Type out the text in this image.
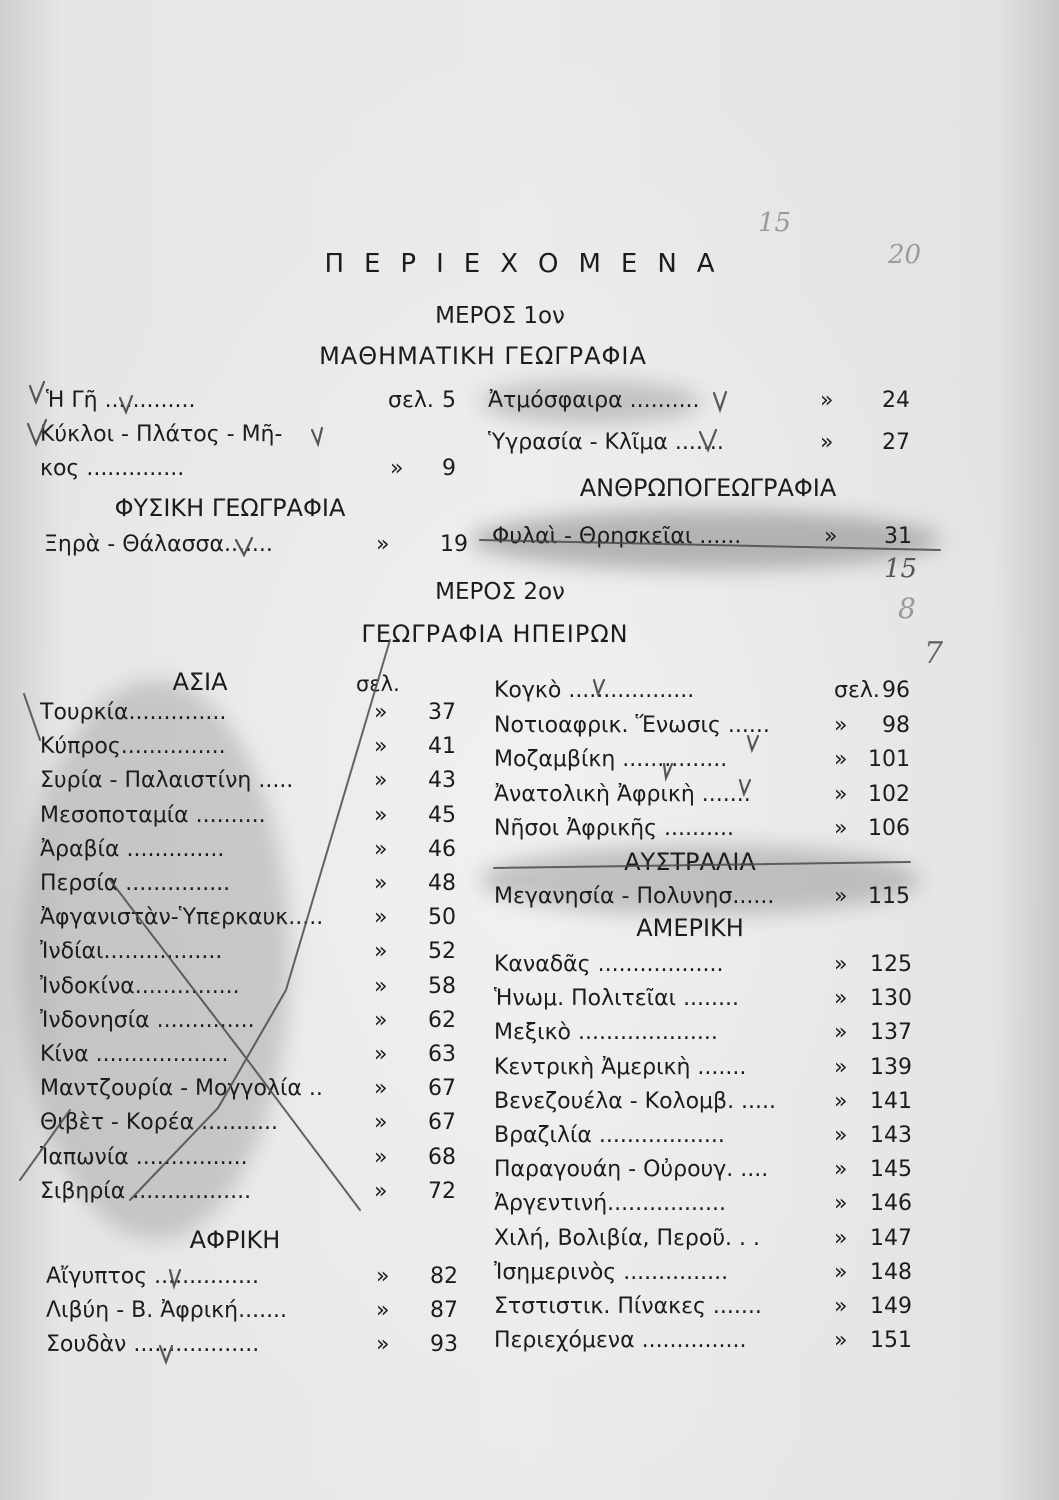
ΠΕΡΙΕΧΟΜΕΝΑ
ΜΕΡΟΣ 1ον
ΜΑΘΗΜΑΤΙΚΗ ΓΕΩΓΡΑΦΙΑ
Ἡ Γῆ .............	σελ. 5
Κύκλοι - Πλάτος - Μῆ-
κος ..............	» 9
ΦΥΣΙΚΗ ΓΕΩΓΡΑΦΙΑ
Ξηρὰ - Θάλασσα.......	» 19
Ἀτμόσφαιρα ..........	» 24
Ὑγρασία - Κλῖμα .......	» 27
ΑΝΘΡΩΠΟΓΕΩΓΡΑΦΙΑ
Φυλαὶ - Θρησκεῖαι ......	» 31
ΜΕΡΟΣ 2ον
ΓΕΩΓΡΑΦΙΑ ΗΠΕΙΡΩΝ
ΑΣΙΑ	σελ.
Τουρκία..............	» 37
Κύπρος...............	» 41
Συρία - Παλαιστίνη .....	» 43
Μεσοποταμία ..........	» 45
Ἀραβία ..............	» 46
Περσία ...............	» 48
Ἀφγανιστὰν-Ὑπερκαυκ..... » 50
Ἰνδίαι.................	» 52
Ἰνδοκίνα...............	» 58
Ἰνδονησία ..............	» 62
Κίνα ...................	» 63
Μαντζουρία - Μογγολία .. » 67
Θιβὲτ - Κορέα ...........	» 67
Ἰαπωνία ................	» 68
Σιβηρία .................	» 72
ΑΦΡΙΚΗ
Αἴγυπτος ...............	» 82
Λιβύη - Β. Ἀφρική.......	» 87
Σουδὰν ..................	» 93
Κογκὸ ..................	σελ. 96
Νοτιοαφρικ. Ἕνωσις ......	» 98
Μοζαμβίκη ...............	» 101
Ἀνατολικὴ Ἀφρικὴ .......	» 102
Νῆσοι Ἀφρικῆς ..........	» 106
ΑΥΣΤΡΑΛΙΑ
Μεγανησία - Πολυνησ......	» 115
ΑΜΕΡΙΚΗ
Καναδᾶς ..................	» 125
Ἡνωμ. Πολιτεῖαι ........	» 130
Μεξικὸ ....................	» 137
Κεντρικὴ Ἀμερικὴ .......	» 139
Βενεζουέλα - Κολομβ. .....	» 141
Βραζιλία ..................	» 143
Παραγουάη - Οὐρουγ. ....	» 145
Ἀργεντινή.................	» 146
Χιλή, Βολιβία, Περοῦ. . .	» 147
Ἰσημερινὸς ...............	» 148
Στστιστικ. Πίνακες .......	» 149
Περιεχόμενα ...............	» 151
15
20
15
8
7
